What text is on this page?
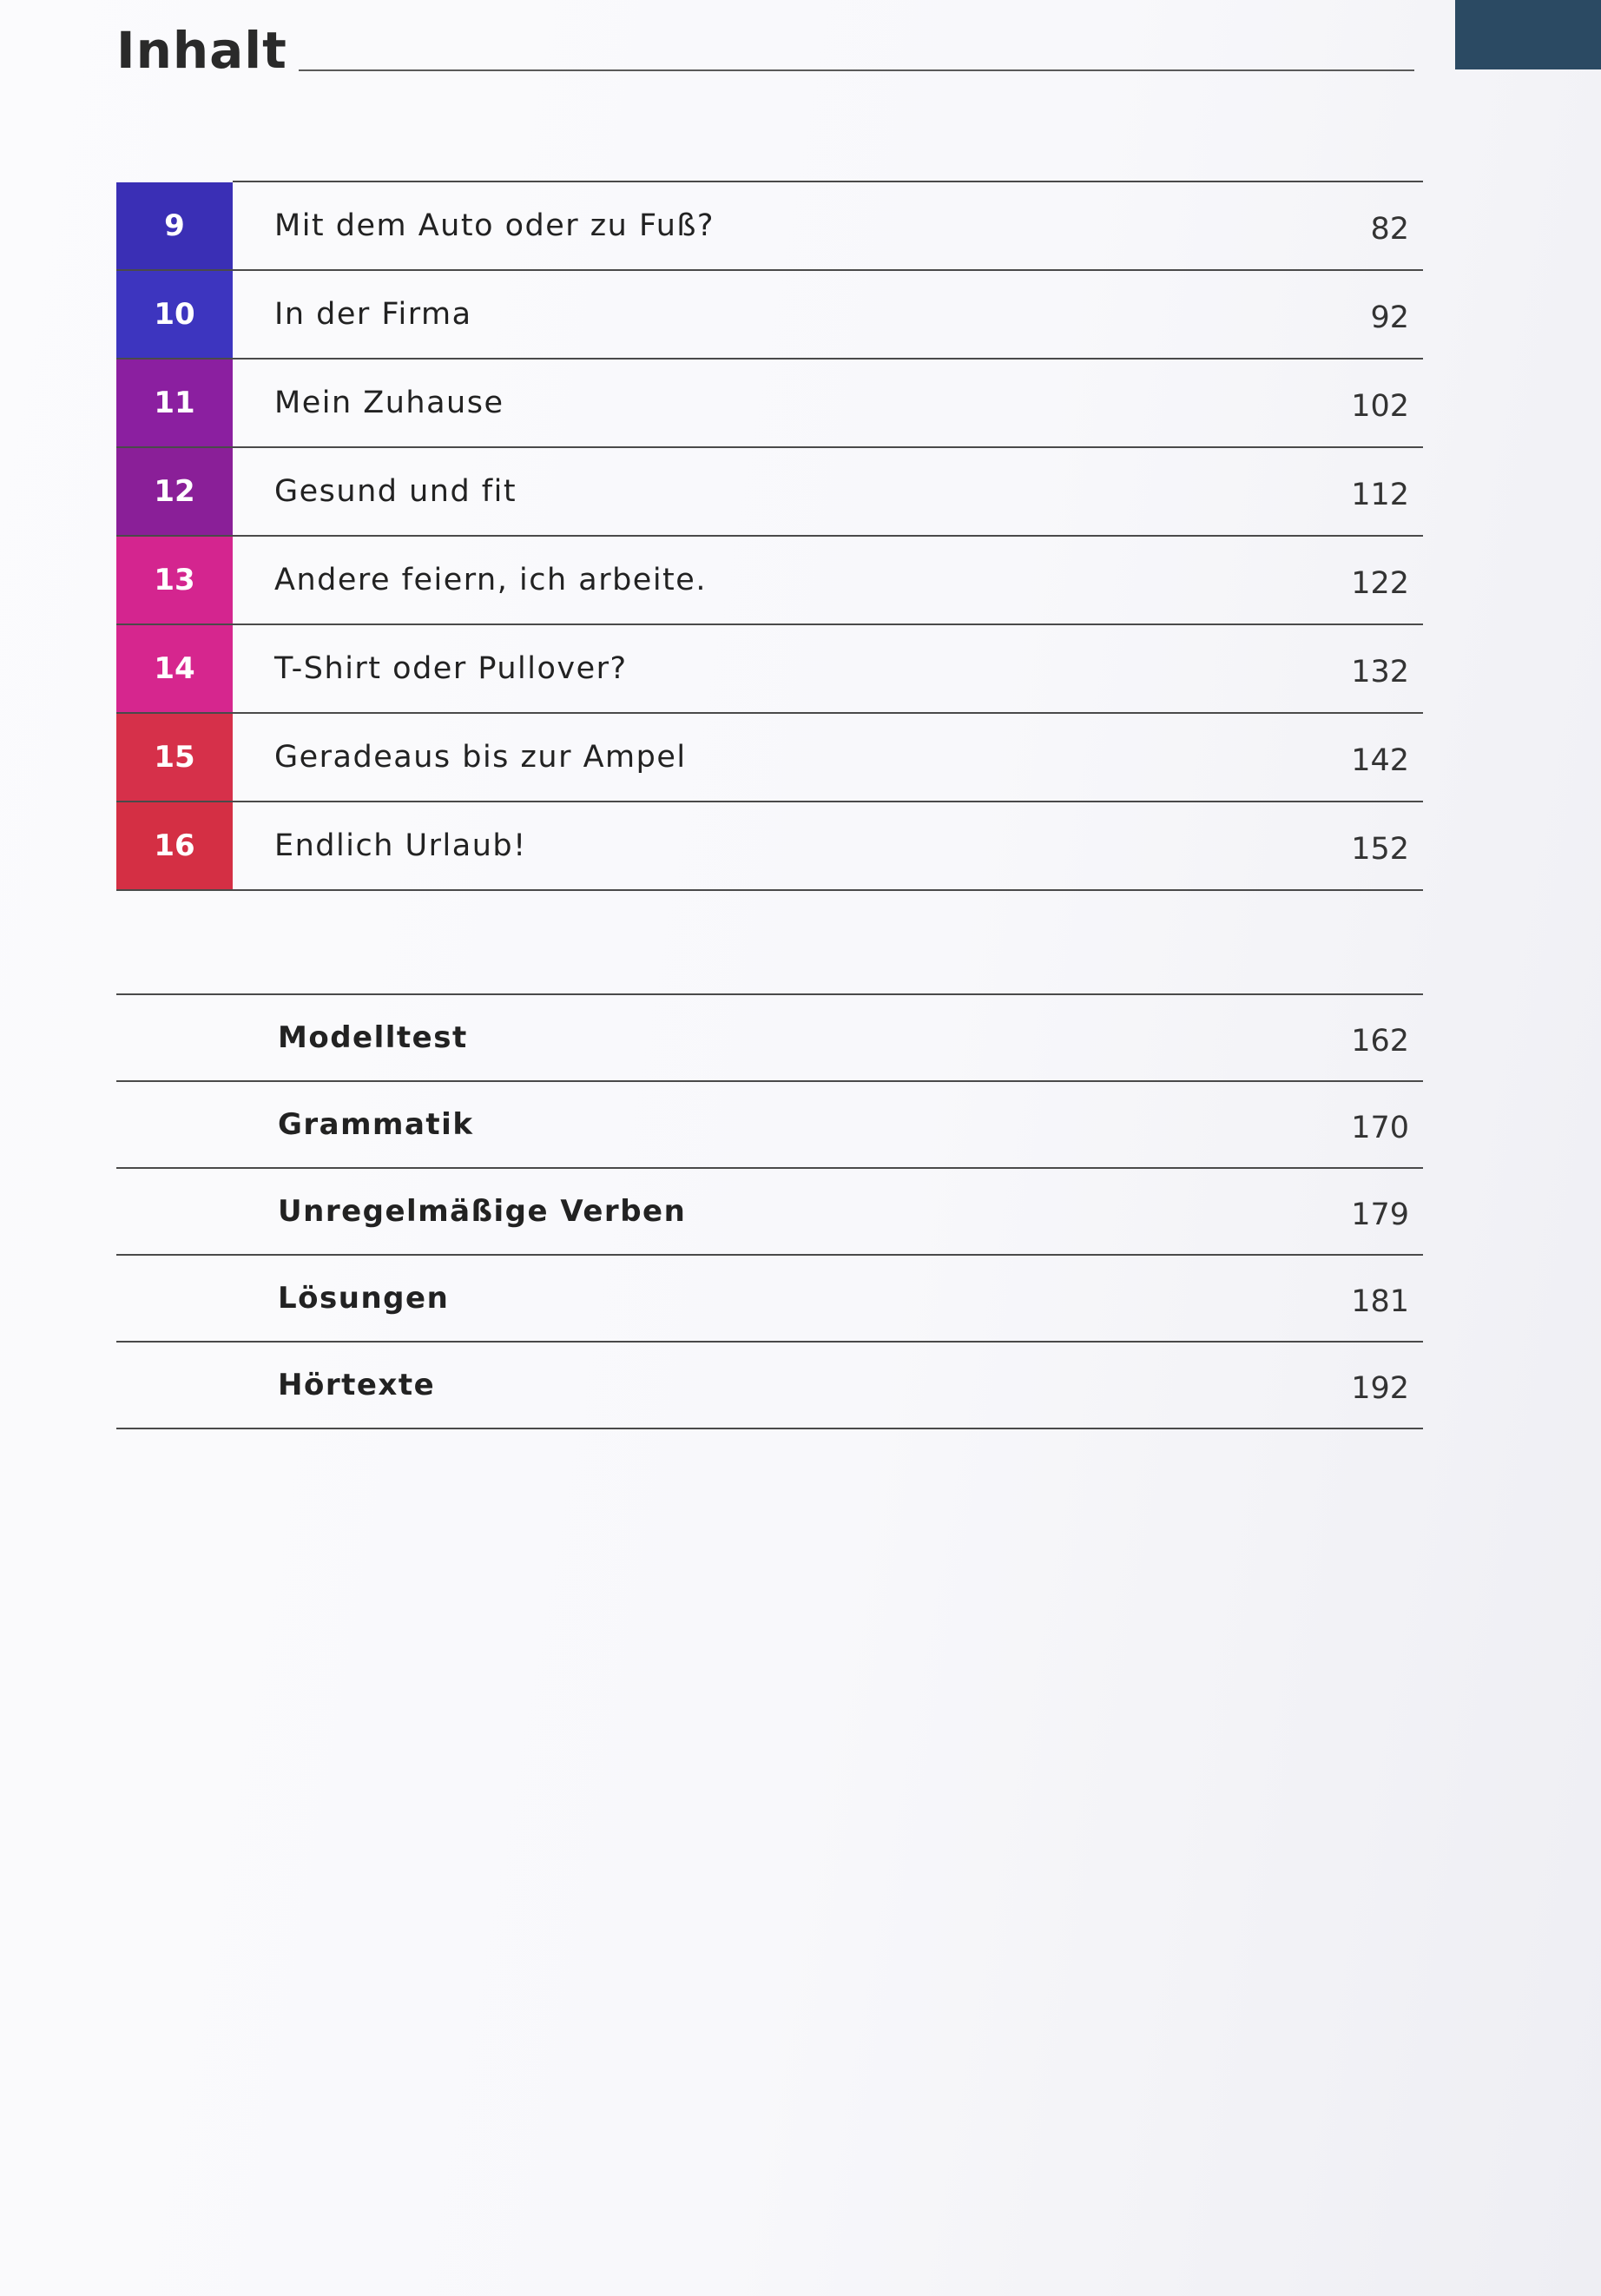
Inhalt
9	Mit dem Auto oder zu Fuß?	82
10	In der Firma	92
11	Mein Zuhause	102
12	Gesund und fit	112
13	Andere feiern, ich arbeite.	122
14	T-Shirt oder Pullover?	132
15	Geradeaus bis zur Ampel	142
16	Endlich Urlaub!	152
Modelltest	162
Grammatik	170
Unregelmäßige Verben	179
Lösungen	181
Hörtexte	192
